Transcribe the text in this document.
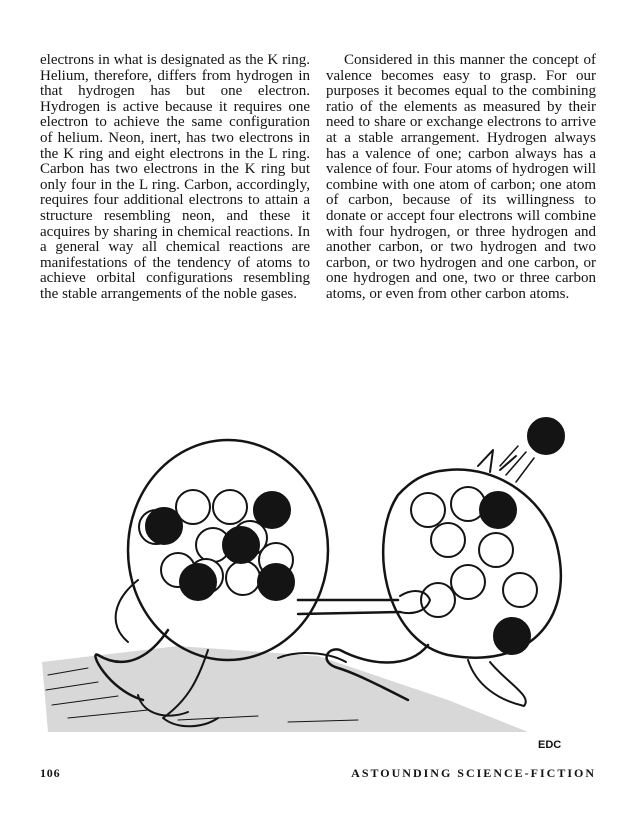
electrons in what is designated as the K ring. Helium, therefore, differs from hydrogen in that hydrogen has but one electron. Hydrogen is active because it requires one electron to achieve the same configuration of helium. Neon, inert, has two electrons in the K ring and eight electrons in the L ring. Carbon has two electrons in the K ring but only four in the L ring. Carbon, accordingly, requires four additional electrons to attain a structure resembling neon, and these it acquires by sharing in chemical reactions. In a general way all chemical reactions are manifestations of the tendency of atoms to achieve orbital configurations resembling the stable arrangements of the noble gases.

Considered in this manner the concept of valence becomes easy to grasp. For our purposes it becomes equal to the combining ratio of the elements as measured by their need to share or exchange electrons to arrive at a stable arrangement. Hydrogen always has a valence of one; carbon always has a valence of four. Four atoms of hydrogen will combine with one atom of carbon; one atom of carbon, because of its willingness to donate or accept four electrons will combine with four hydrogen, or three hydrogen and another carbon, or two hydrogen and two carbon, or two hydrogen and one carbon, or one hydrogen and one, two or three carbon atoms, or even from other carbon atoms.

EDC
106	ASTOUNDING SCIENCE-FICTION
